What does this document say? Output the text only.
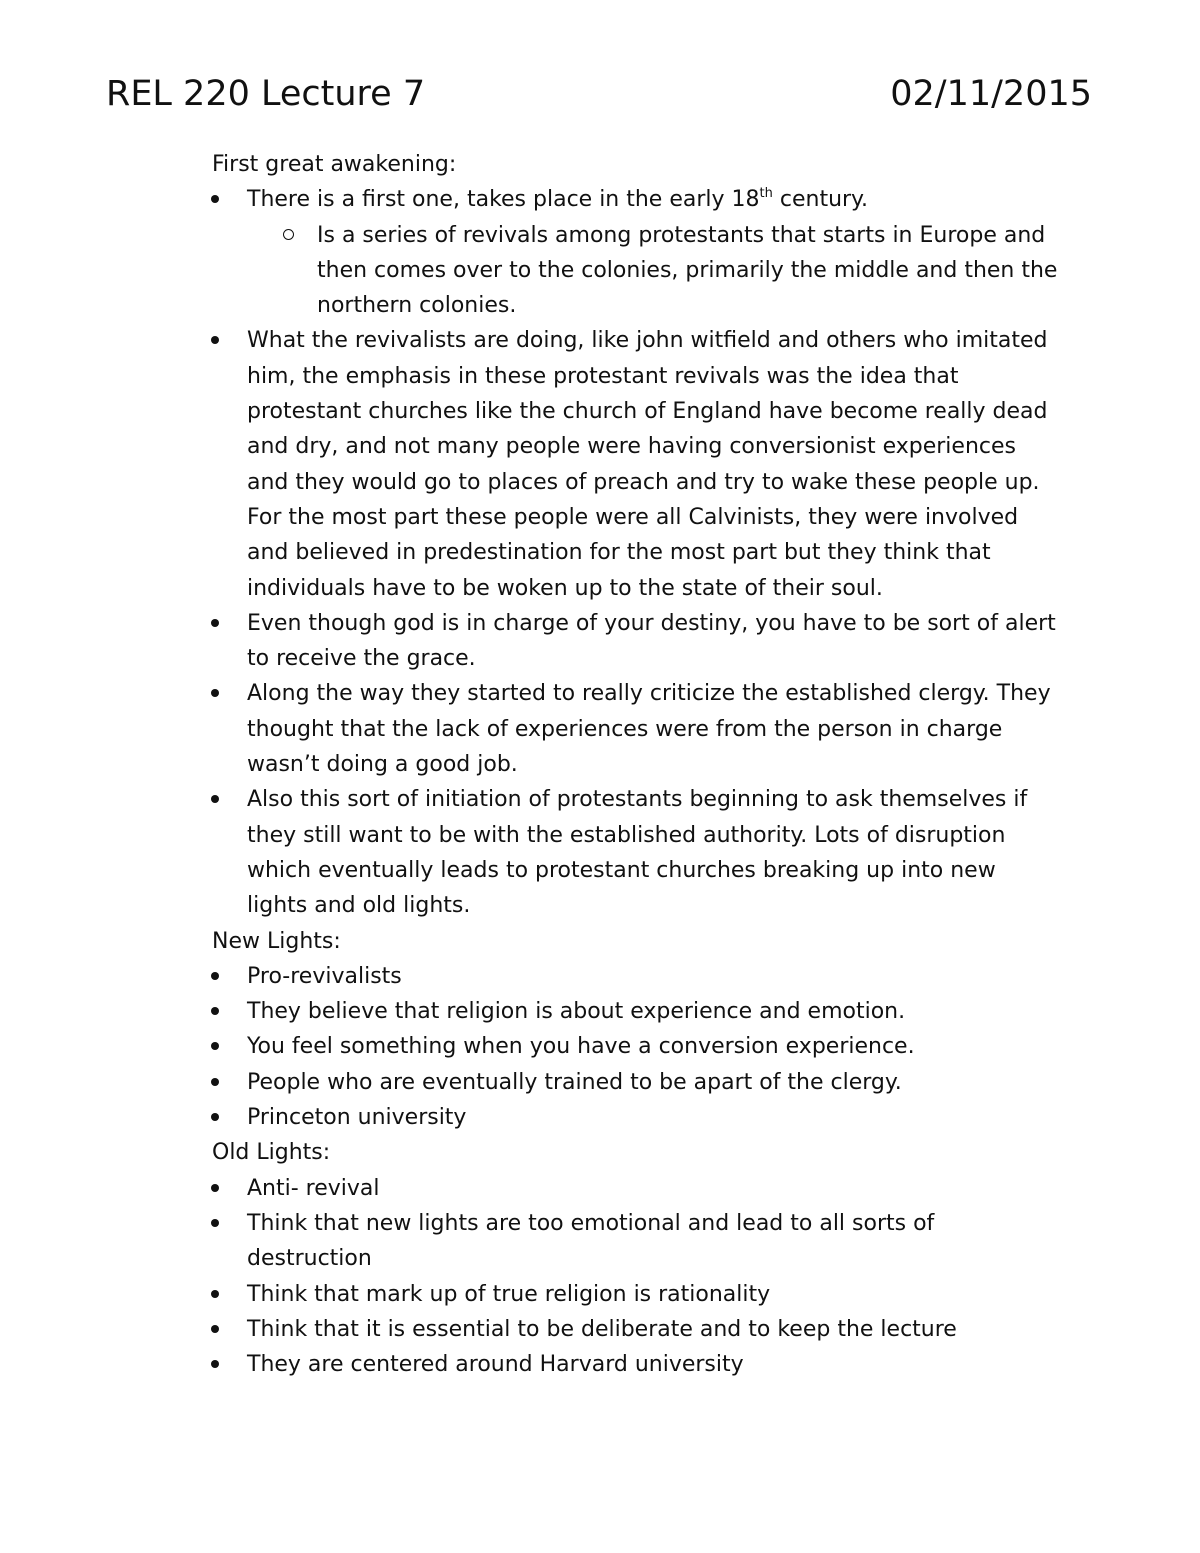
REL 220 Lecture 7	02/11/2015
First great awakening:
There is a first one, takes place in the early 18th century.
Is a series of revivals among protestants that starts in Europe and then comes over to the colonies, primarily the middle and then the northern colonies.
What the revivalists are doing, like john witfield and others who imitated him, the emphasis in these protestant revivals was the idea that protestant churches like the church of England have become really dead and dry, and not many people were having conversionist experiences and they would go to places of preach and try to wake these people up. For the most part these people were all Calvinists, they were involved and believed in predestination for the most part but they think that individuals have to be woken up to the state of their soul.
Even though god is in charge of your destiny, you have to be sort of alert to receive the grace.
Along the way they started to really criticize the established clergy. They thought that the lack of experiences were from the person in charge wasn’t doing a good job.
Also this sort of initiation of protestants beginning to ask themselves if they still want to be with the established authority. Lots of disruption which eventually leads to protestant churches breaking up into new lights and old lights.
New Lights:
Pro-revivalists
They believe that religion is about experience and emotion.
You feel something when you have a conversion experience.
People who are eventually trained to be apart of the clergy.
Princeton university
Old Lights:
Anti- revival
Think that new lights are too emotional and lead to all sorts of destruction
Think that mark up of true religion is rationality
Think that it is essential to be deliberate and to keep the lecture
They are centered around Harvard university
